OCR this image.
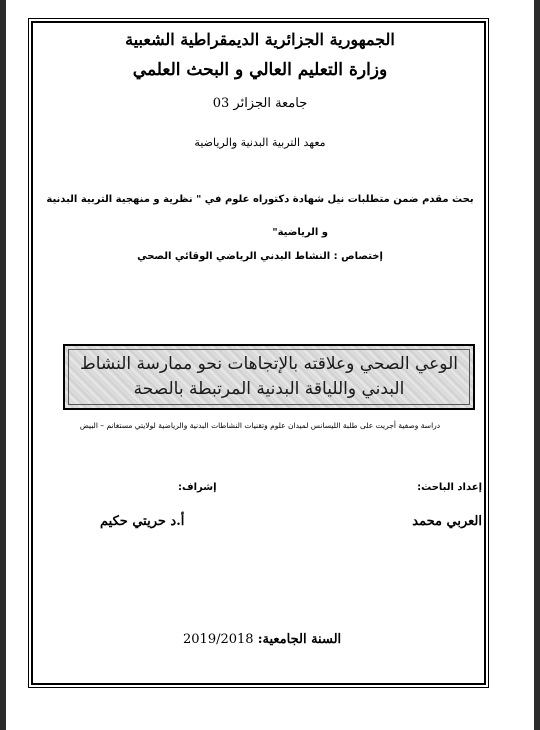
الجمهورية الجزائرية الديمقراطية الشعبية
وزارة التعليم العالي و البحث العلمي
جامعة الجزائر 03
معهد التربية البدنية والرياضية
بحث مقدم ضمن متطلبات نيل شهادة دكتوراه علوم في " نظرية و منهجية التربية البدنية
و الرياضية"
إختصاص : النشاط البدني الرياضي الوقائي الصحي
الوعي الصحي وعلاقته بالإتجاهات نحو ممارسة النشاط
البدني واللياقة البدنية المرتبطة بالصحة
دراسة وصفية أجريت على طلبة الليسانس لميدان علوم وتقنيات النشاطات البدنية والرياضية لولايتي مستغانم – البيض
إعداد الباحث:
إشراف:
العربي محمد
أ.د حريتي حكيم
السنة الجامعية: 2019/2018
